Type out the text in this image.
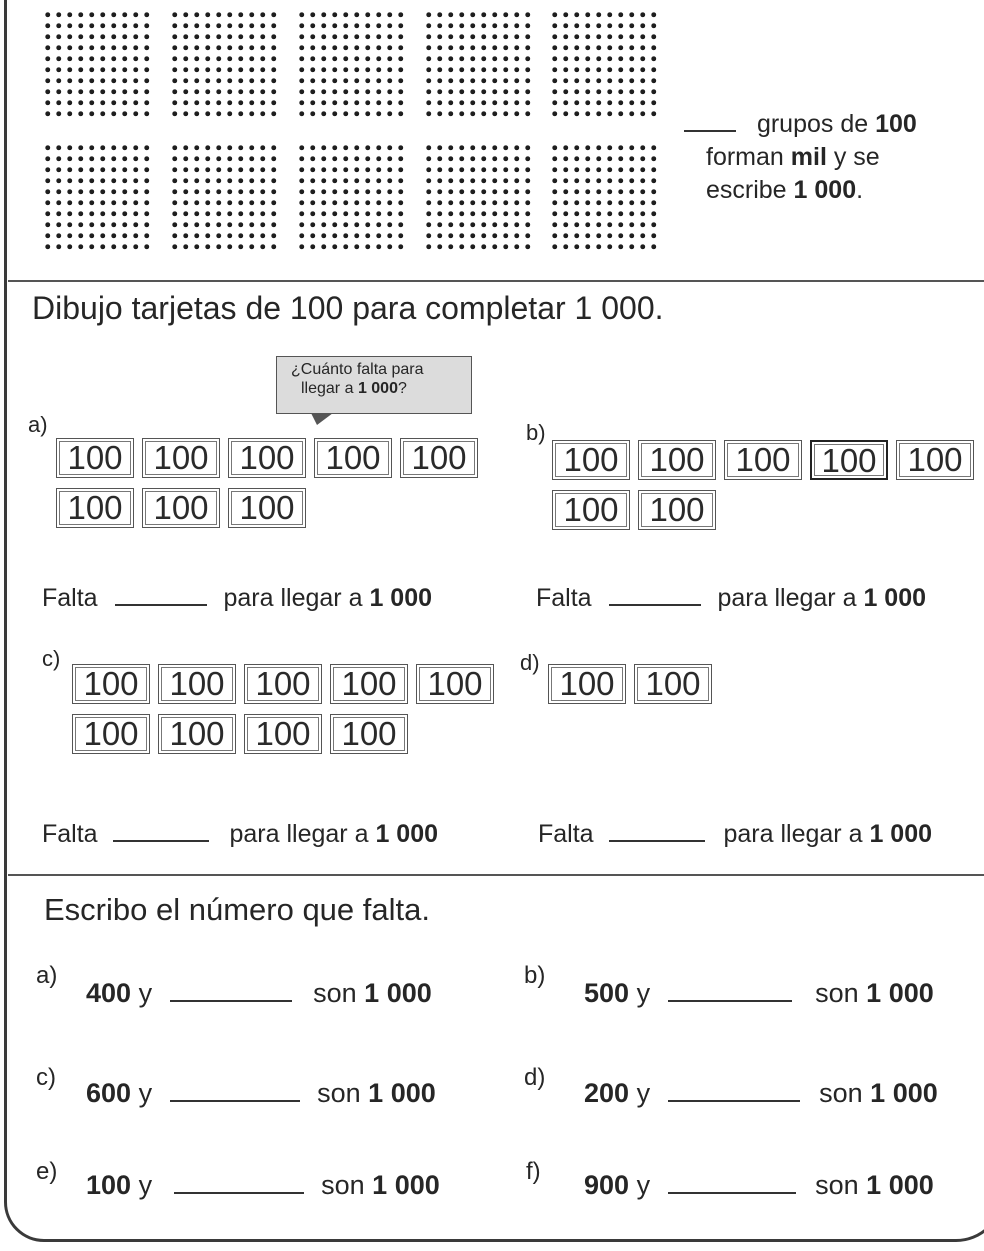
grupos de 100
forman mil y se
escribe 1 000.
Dibujo tarjetas de 100 para completar 1 000.
¿Cuánto falta para
llegar a 1 000?
a)
100 100 100 100 100
100 100 100
b)
100 100 100 100 100
100 100
Falta	para llegar a 1 000	Falta	para llegar a 1 000
c)
100 100 100 100 100
100 100 100 100
d)
100 100
Falta	para llegar a 1 000	Falta	para llegar a 1 000
Escribo el número que falta.
a)
400 y	son 1 000
b)
500 y	son 1 000
c)
600 y	son 1 000
d)
200 y	son 1 000
e) 100 y	son 1 000	f) 900 y	son 1 000
